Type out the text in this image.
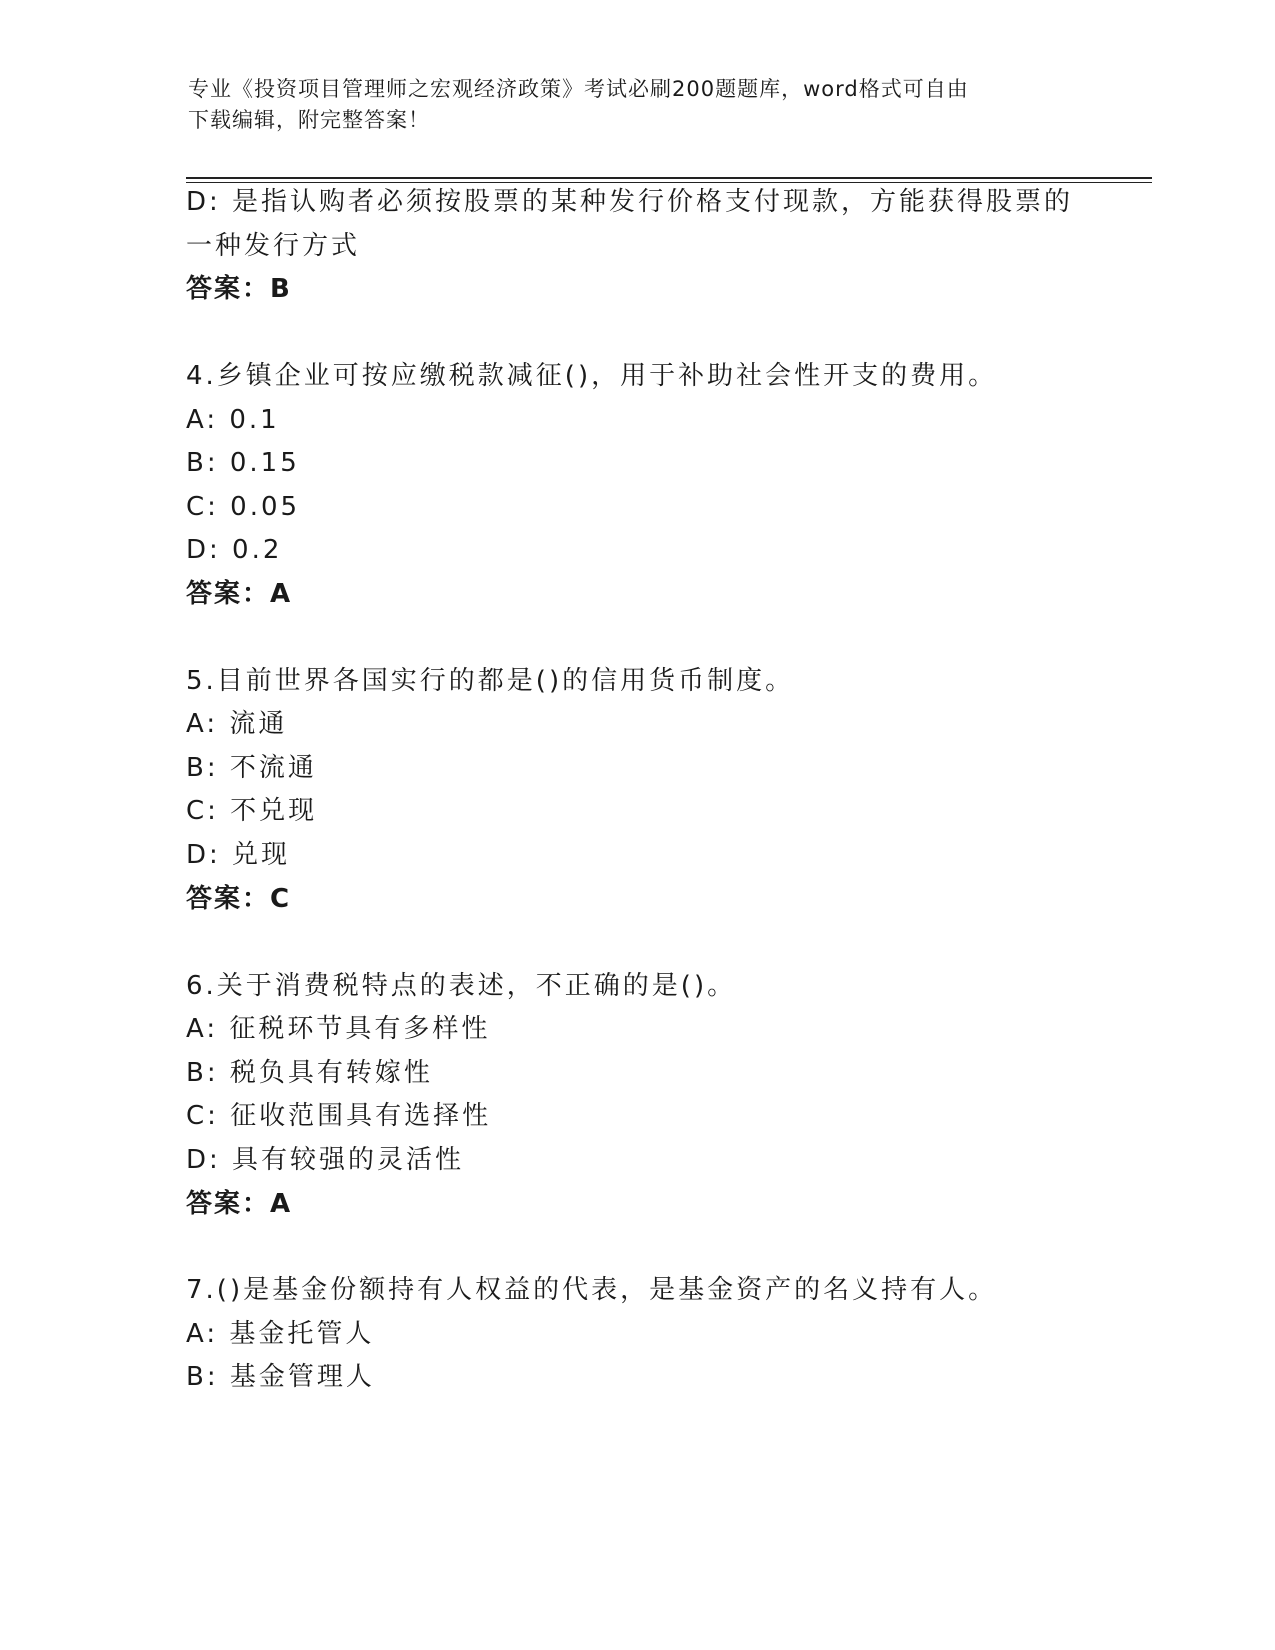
专业《投资项目管理师之宏观经济政策》考试必刷200题题库，word格式可自由
下载编辑，附完整答案！
D: 是指认购者必须按股票的某种发行价格支付现款，方能获得股票的
一种发行方式
答案：B
4.乡镇企业可按应缴税款减征()，用于补助社会性开支的费用。
A: 0.1
B: 0.15
C: 0.05
D: 0.2
答案：A
5.目前世界各国实行的都是()的信用货币制度。
A: 流通
B: 不流通
C: 不兑现
D: 兑现
答案：C
6.关于消费税特点的表述，不正确的是()。
A: 征税环节具有多样性
B: 税负具有转嫁性
C: 征收范围具有选择性
D: 具有较强的灵活性
答案：A
7.()是基金份额持有人权益的代表，是基金资产的名义持有人。
A: 基金托管人
B: 基金管理人
